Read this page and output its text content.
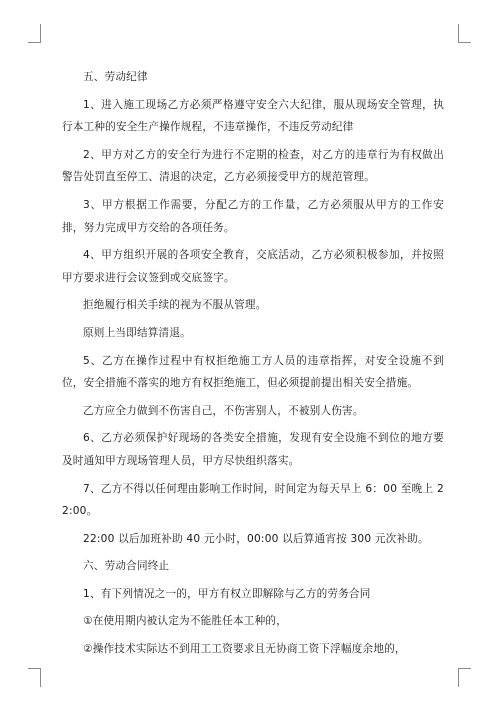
五、劳动纪律

1、进入施工现场乙方必须严格遵守安全六大纪律，服从现场安全管理，执行本工种的安全生产操作规程，不违章操作，不违反劳动纪律

2、甲方对乙方的安全行为进行不定期的检查，对乙方的违章行为有权做出警告处罚直至停工、清退的决定，乙方必须接受甲方的规范管理。

3、甲方根据工作需要，分配乙方的工作量，乙方必须服从甲方的工作安排，努力完成甲方交给的各项任务。

4、甲方组织开展的各项安全教育，交底活动，乙方必须积极参加，并按照甲方要求进行会议签到或交底签字。

拒绝履行相关手续的视为不服从管理。

原则上当即结算清退。

5、乙方在操作过程中有权拒绝施工方人员的违章指挥，对安全设施不到位，安全措施不落实的地方有权拒绝施工，但必须提前提出相关安全措施。

乙方应全力做到不伤害自己，不伤害别人，不被别人伤害。

6、乙方必须保护好现场的各类安全措施，发现有安全设施不到位的地方要及时通知甲方现场管理人员，甲方尽快组织落实。

7、乙方不得以任何理由影响工作时间，时间定为每天早上 6：00 至晚上 22:00。

22:00 以后加班补助 40 元小时，00:00 以后算通宵按 300 元次补助。

六、劳动合同终止

1、有下列情况之一的，甲方有权立即解除与乙方的劳务合同

①在使用期内被认定为不能胜任本工种的，

②操作技术实际达不到用工工资要求且无协商工资下浮幅度余地的，
